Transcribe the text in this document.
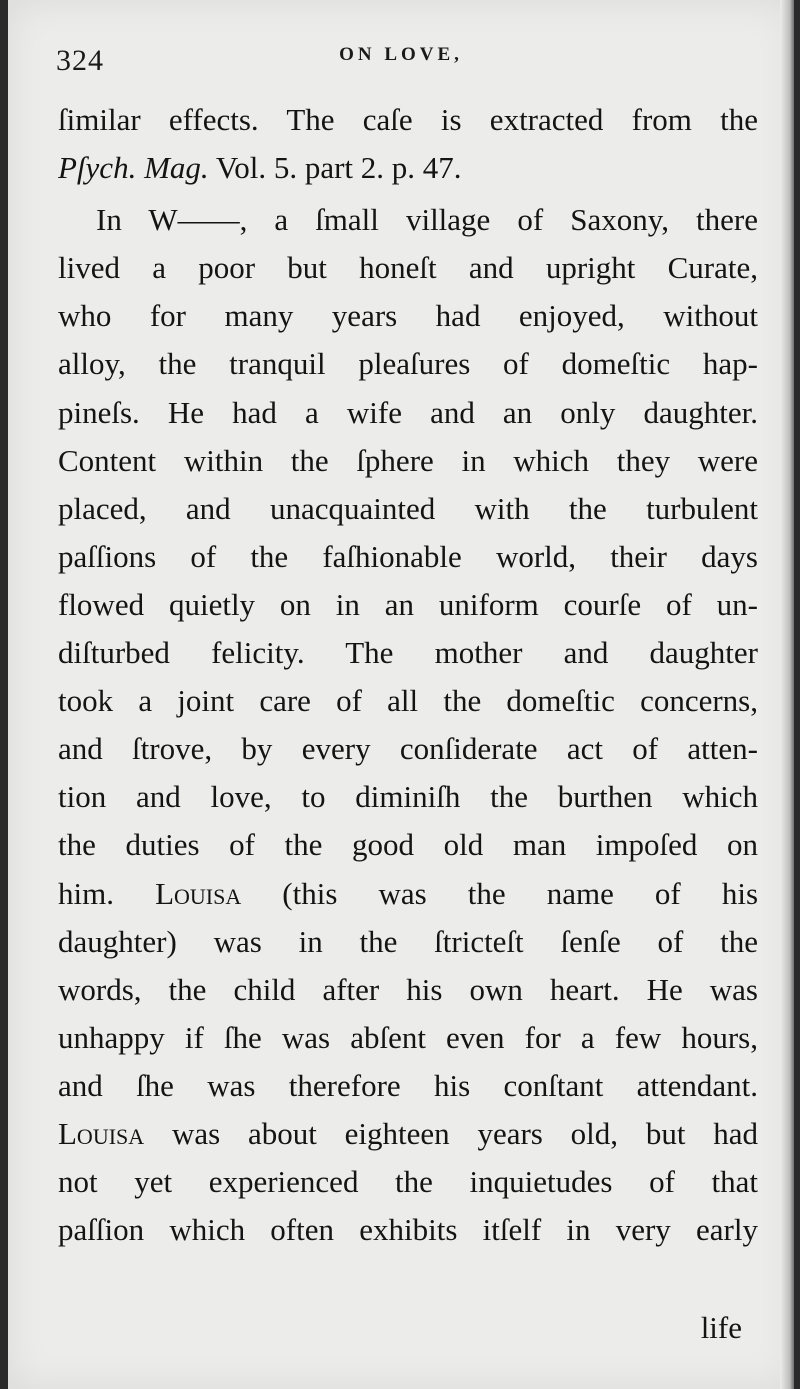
324	ON LOVE,
ſimilar effects. The caſe is extracted from the
Pſych. Mag. Vol. 5. part 2. p. 47.
In W——, a ſmall village of Saxony, there
lived a poor but honeſt and upright Curate,
who for many years had enjoyed, without
alloy, the tranquil pleaſures of domeſtic hap-
pineſs. He had a wife and an only daughter.
Content within the ſphere in which they were
placed, and unacquainted with the turbulent
paſſions of the faſhionable world, their days
flowed quietly on in an uniform courſe of un-
diſturbed felicity. The mother and daughter
took a joint care of all the domeſtic concerns,
and ſtrove, by every conſiderate act of atten-
tion and love, to diminiſh the burthen which
the duties of the good old man impoſed on
him. Louisa (this was the name of his
daughter) was in the ſtricteſt ſenſe of the
words, the child after his own heart. He was
unhappy if ſhe was abſent even for a few hours,
and ſhe was therefore his conſtant attendant.
Louisa was about eighteen years old, but had
not yet experienced the inquietudes of that
paſſion which often exhibits itſelf in very early
life
